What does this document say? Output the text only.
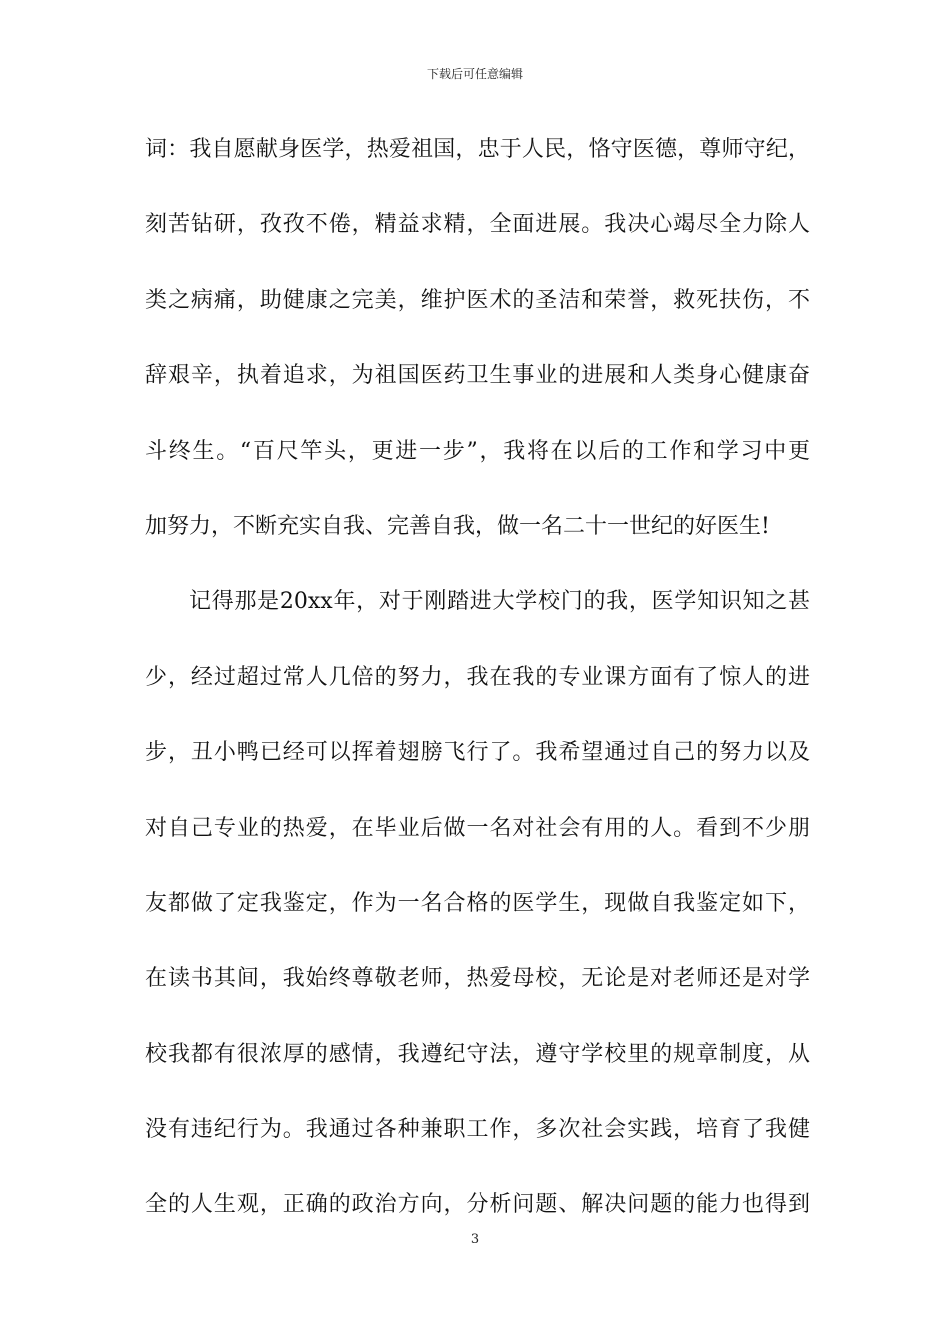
下载后可任意编辑
词：我自愿献身医学，热爱祖国，忠于人民，恪守医德，尊师守纪，
刻苦钻研，孜孜不倦，精益求精，全面进展。我决心竭尽全力除人
类之病痛，助健康之完美，维护医术的圣洁和荣誉，救死扶伤，不
辞艰辛，执着追求，为祖国医药卫生事业的进展和人类身心健康奋
斗终生。“百尺竿头，更进一步”，我将在以后的工作和学习中更
加努力，不断充实自我、完善自我，做一名二十一世纪的好医生!
记得那是20xx年，对于刚踏进大学校门的我，医学知识知之甚
少，经过超过常人几倍的努力，我在我的专业课方面有了惊人的进
步，丑小鸭已经可以挥着翅膀飞行了。我希望通过自己的努力以及
对自己专业的热爱，在毕业后做一名对社会有用的人。看到不少朋
友都做了定我鉴定，作为一名合格的医学生，现做自我鉴定如下，
在读书其间，我始终尊敬老师，热爱母校，无论是对老师还是对学
校我都有很浓厚的感情，我遵纪守法，遵守学校里的规章制度，从
没有违纪行为。我通过各种兼职工作，多次社会实践，培育了我健
全的人生观，正确的政治方向，分析问题、解决问题的能力也得到
3
